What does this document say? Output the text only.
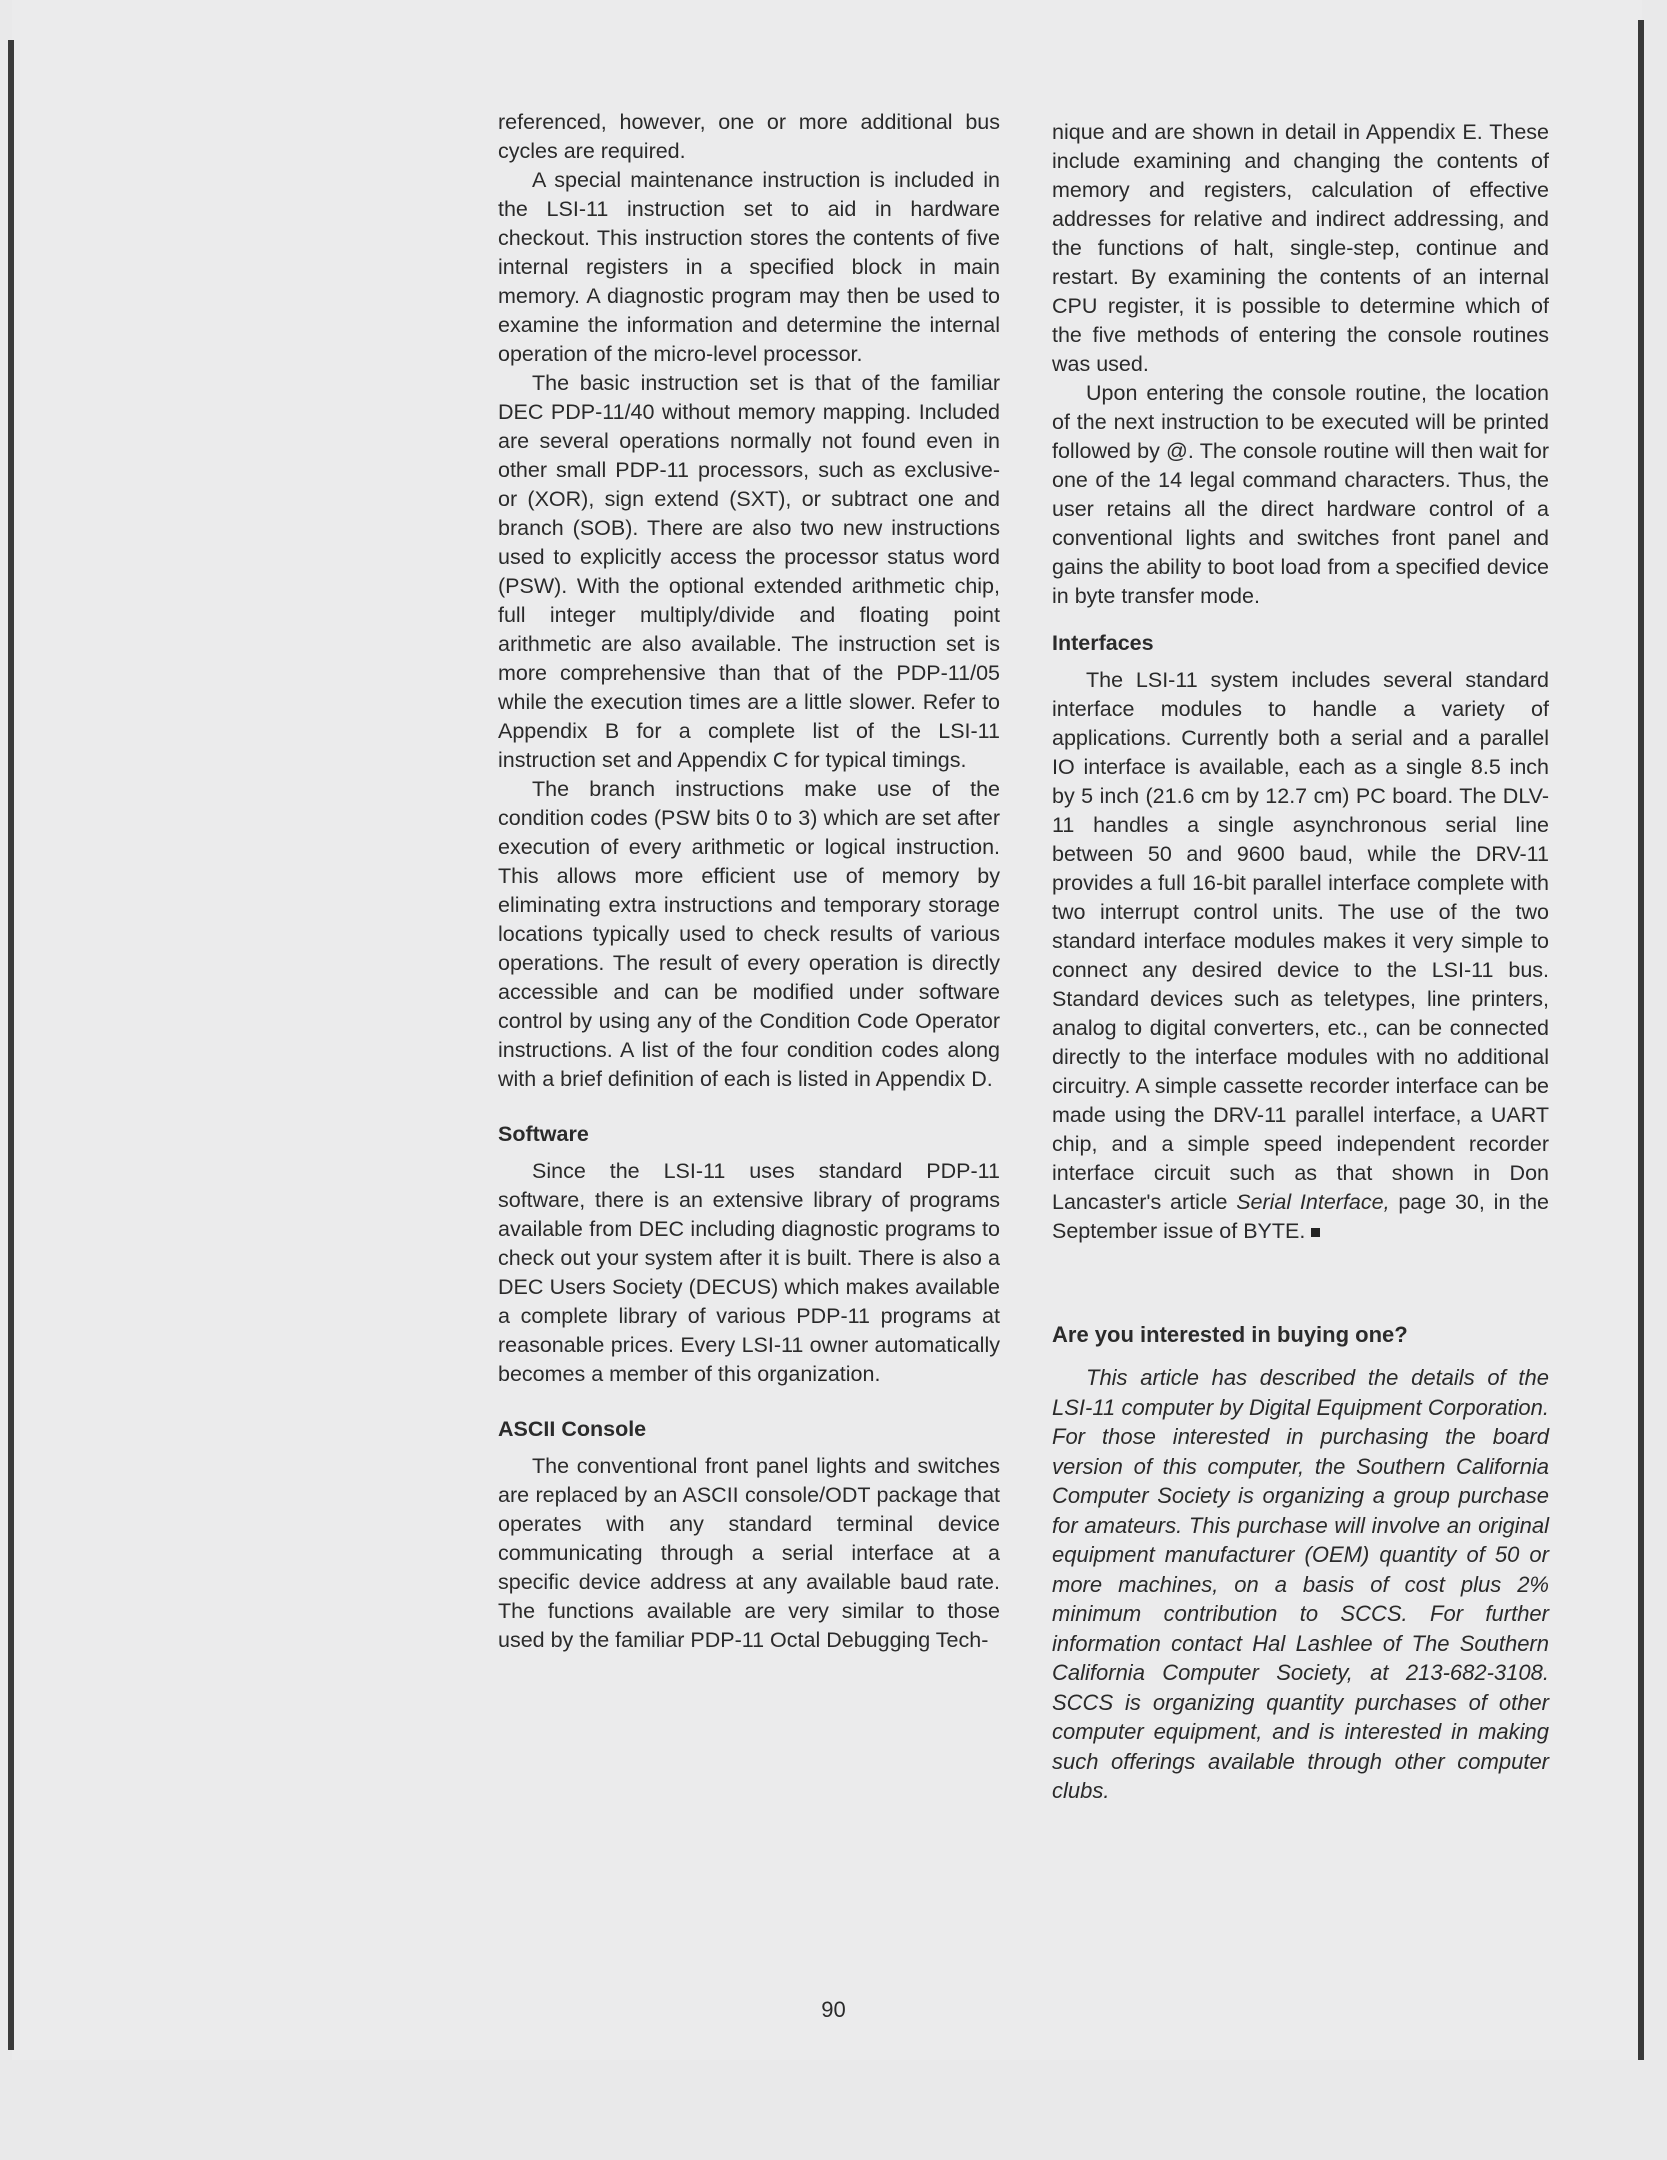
referenced, however, one or more additional bus cycles are required.

A special maintenance instruction is included in the LSI-11 instruction set to aid in hardware checkout. This instruction stores the contents of five internal registers in a specified block in main memory. A diagnostic program may then be used to examine the information and determine the internal operation of the micro-level processor.

The basic instruction set is that of the familiar DEC PDP-11/40 without memory mapping. Included are several operations normally not found even in other small PDP-11 processors, such as exclusive-or (XOR), sign extend (SXT), or subtract one and branch (SOB). There are also two new instructions used to explicitly access the processor status word (PSW). With the optional extended arithmetic chip, full integer multiply/divide and floating point arithmetic are also available. The instruction set is more comprehensive than that of the PDP-11/05 while the execution times are a little slower. Refer to Appendix B for a complete list of the LSI-11 instruction set and Appendix C for typical timings.

The branch instructions make use of the condition codes (PSW bits 0 to 3) which are set after execution of every arithmetic or logical instruction. This allows more efficient use of memory by eliminating extra instructions and temporary storage locations typically used to check results of various operations. The result of every operation is directly accessible and can be modified under software control by using any of the Condition Code Operator instructions. A list of the four condition codes along with a brief definition of each is listed in Appendix D.

Software

Since the LSI-11 uses standard PDP-11 software, there is an extensive library of programs available from DEC including diagnostic programs to check out your system after it is built. There is also a DEC Users Society (DECUS) which makes available a complete library of various PDP-11 programs at reasonable prices. Every LSI-11 owner automatically becomes a member of this organization.

ASCII Console

The conventional front panel lights and switches are replaced by an ASCII console/ODT package that operates with any standard terminal device communicating through a serial interface at a specific device address at any available baud rate. The functions available are very similar to those used by the familiar PDP-11 Octal Debugging Tech-

nique and are shown in detail in Appendix E. These include examining and changing the contents of memory and registers, calculation of effective addresses for relative and indirect addressing, and the functions of halt, single-step, continue and restart. By examining the contents of an internal CPU register, it is possible to determine which of the five methods of entering the console routines was used.

Upon entering the console routine, the location of the next instruction to be executed will be printed followed by @. The console routine will then wait for one of the 14 legal command characters. Thus, the user retains all the direct hardware control of a conventional lights and switches front panel and gains the ability to boot load from a specified device in byte transfer mode.

Interfaces

The LSI-11 system includes several standard interface modules to handle a variety of applications. Currently both a serial and a parallel IO interface is available, each as a single 8.5 inch by 5 inch (21.6 cm by 12.7 cm) PC board. The DLV-11 handles a single asynchronous serial line between 50 and 9600 baud, while the DRV-11 provides a full 16-bit parallel interface complete with two interrupt control units. The use of the two standard interface modules makes it very simple to connect any desired device to the LSI-11 bus. Standard devices such as teletypes, line printers, analog to digital converters, etc., can be connected directly to the interface modules with no additional circuitry. A simple cassette recorder interface can be made using the DRV-11 parallel interface, a UART chip, and a simple speed independent recorder interface circuit such as that shown in Don Lancaster's article Serial Interface, page 30, in the September issue of BYTE.

Are you interested in buying one?

This article has described the details of the LSI-11 computer by Digital Equipment Corporation. For those interested in purchasing the board version of this computer, the Southern California Computer Society is organizing a group purchase for amateurs. This purchase will involve an original equipment manufacturer (OEM) quantity of 50 or more machines, on a basis of cost plus 2% minimum contribution to SCCS. For further information contact Hal Lashlee of The Southern California Computer Society, at 213-682-3108. SCCS is organizing quantity purchases of other computer equipment, and is interested in making such offerings available through other computer clubs.

90
